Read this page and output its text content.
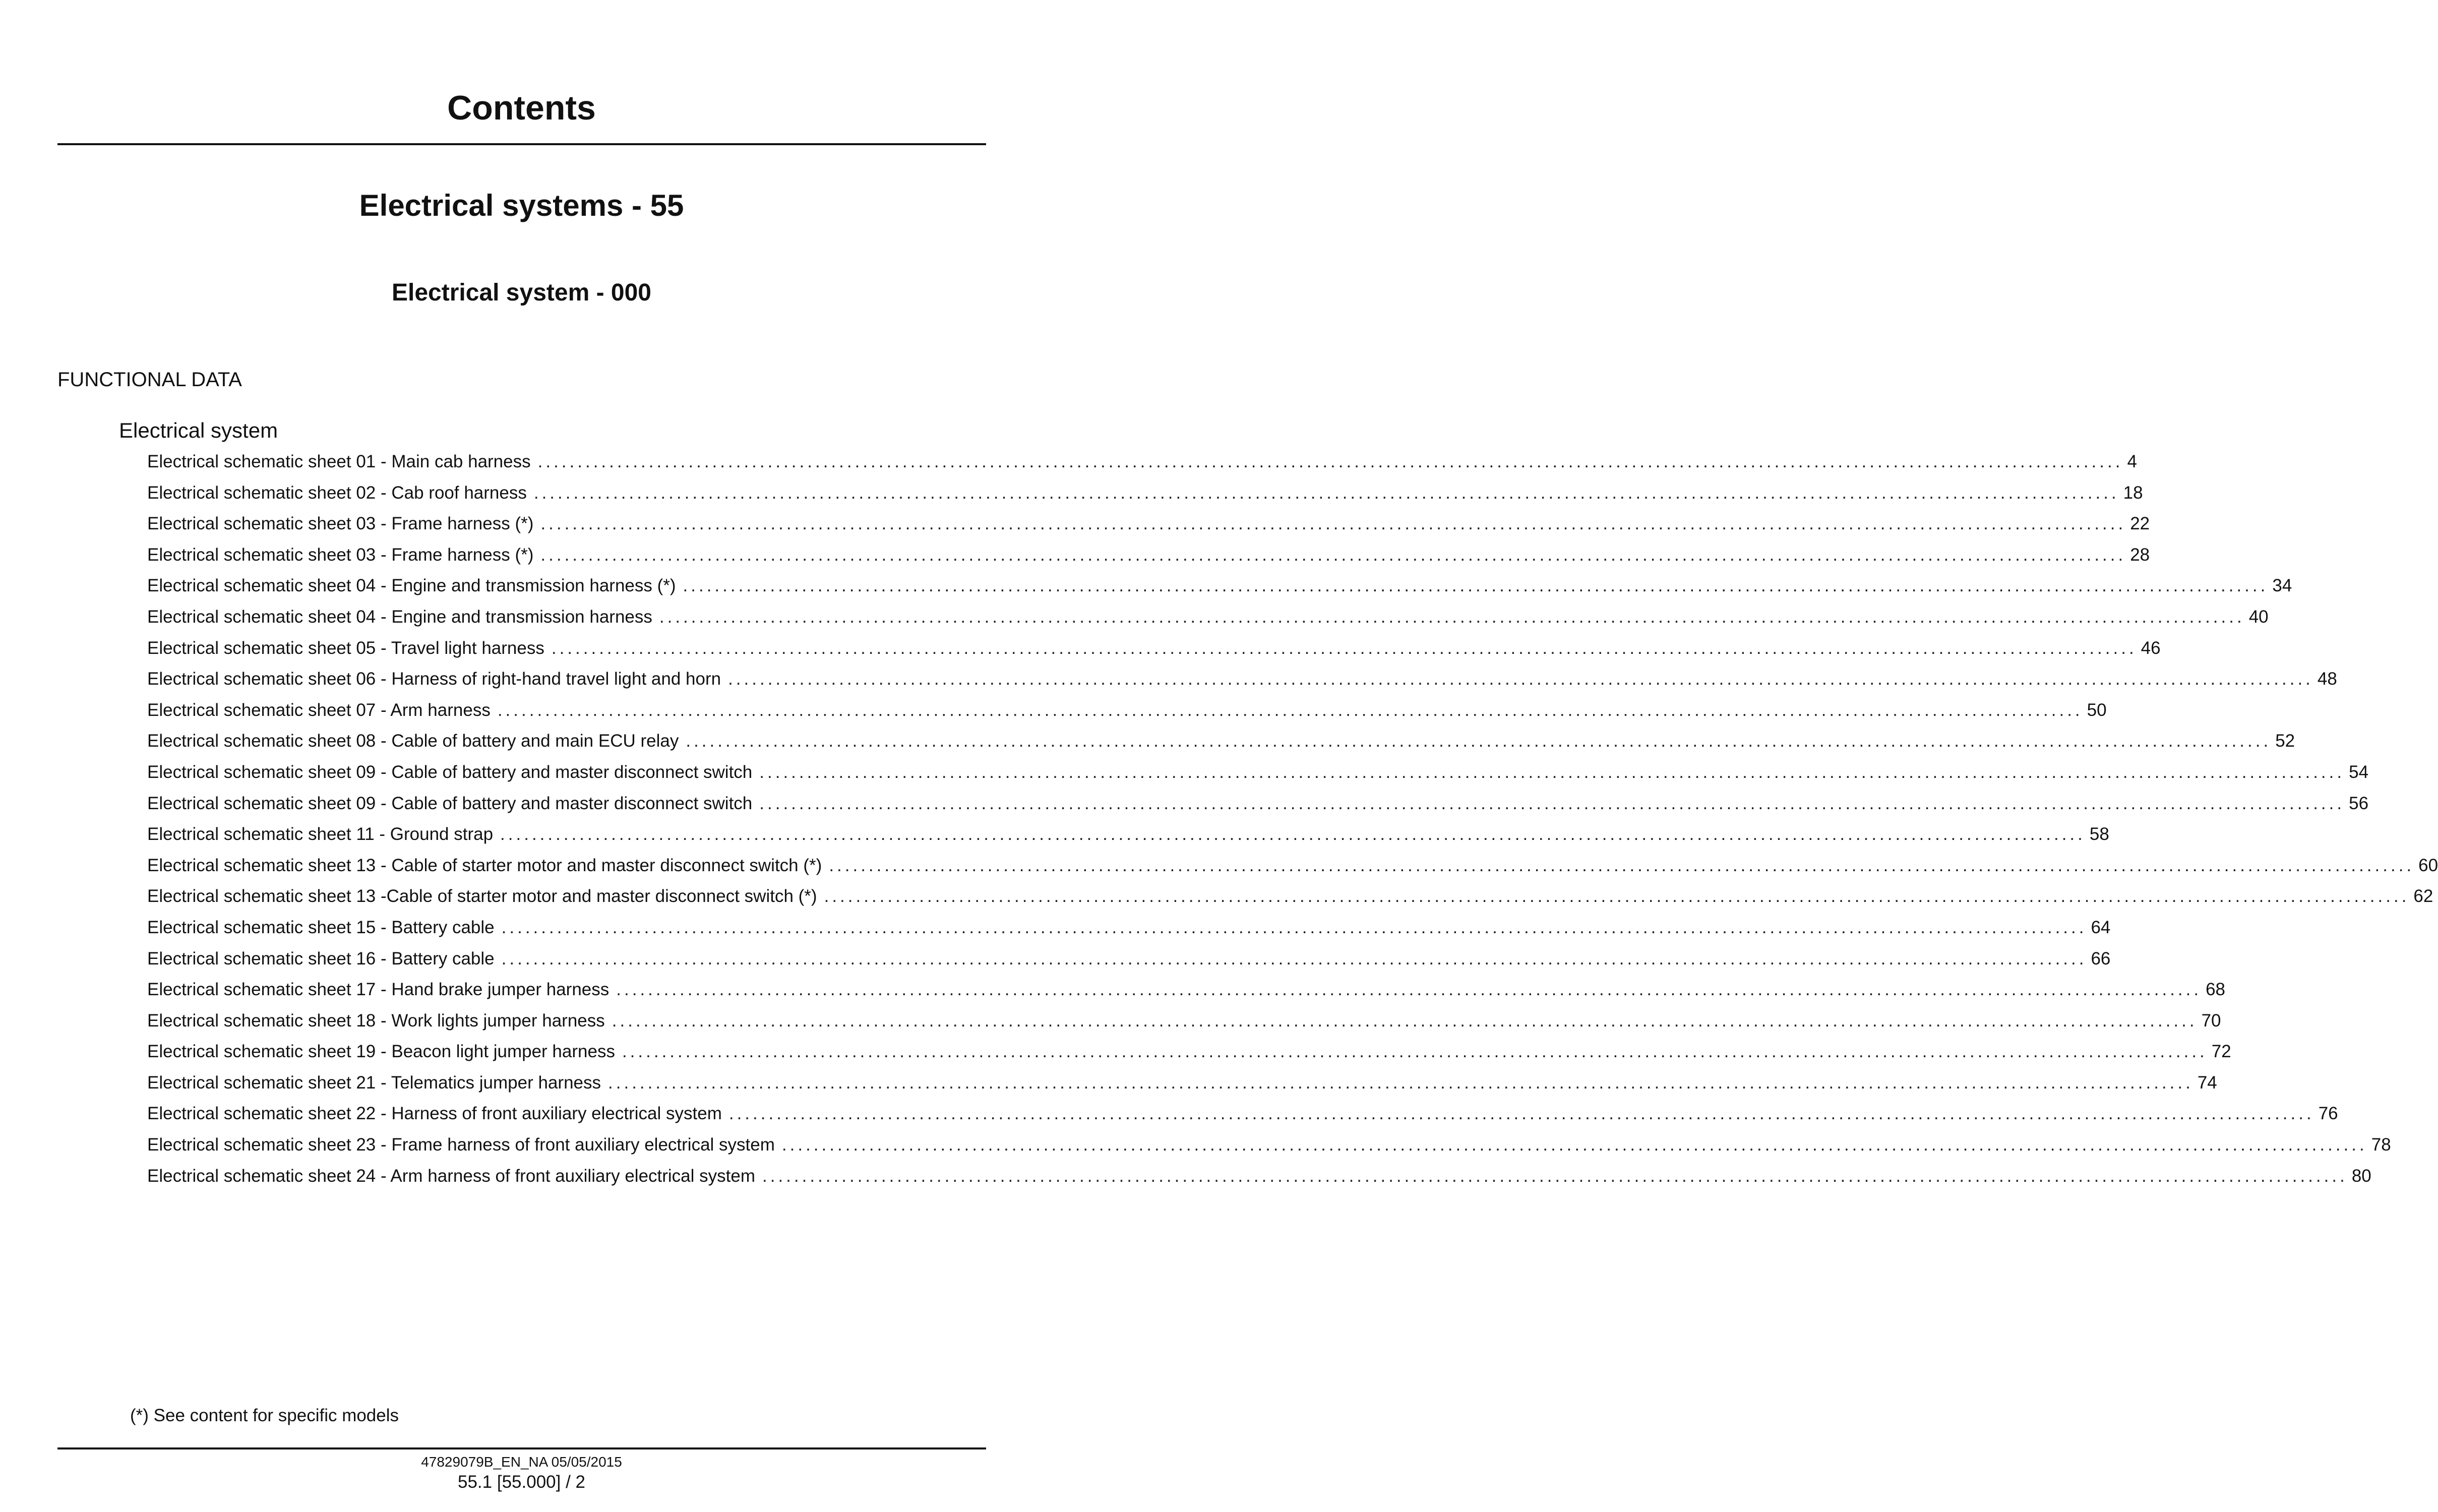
Contents
Electrical systems - 55
Electrical system - 000
FUNCTIONAL DATA
Electrical system
Electrical schematic sheet 01 - Main cab harness ........................................................................................................................................................................................................ 4
Electrical schematic sheet 02 - Cab roof harness ........................................................................................................................................................................................................ 18
Electrical schematic sheet 03 - Frame harness (*) ........................................................................................................................................................................................................ 22
Electrical schematic sheet 03 - Frame harness (*) ........................................................................................................................................................................................................ 28
Electrical schematic sheet 04 - Engine and transmission harness (*) ........................................................................................................................................................................................................ 34
Electrical schematic sheet 04 - Engine and transmission harness ........................................................................................................................................................................................................ 40
Electrical schematic sheet 05 - Travel light harness ........................................................................................................................................................................................................ 46
Electrical schematic sheet 06 - Harness of right-hand travel light and horn ........................................................................................................................................................................................................ 48
Electrical schematic sheet 07 - Arm harness ........................................................................................................................................................................................................ 50
Electrical schematic sheet 08 - Cable of battery and main ECU relay ........................................................................................................................................................................................................ 52
Electrical schematic sheet 09 - Cable of battery and master disconnect switch ........................................................................................................................................................................................................ 54
Electrical schematic sheet 09 - Cable of battery and master disconnect switch ........................................................................................................................................................................................................ 56
Electrical schematic sheet 11 - Ground strap ........................................................................................................................................................................................................ 58
Electrical schematic sheet 13 - Cable of starter motor and master disconnect switch (*) ........................................................................................................................................................................................................ 60
Electrical schematic sheet 13 -Cable of starter motor and master disconnect switch (*) ........................................................................................................................................................................................................ 62
Electrical schematic sheet 15 - Battery cable ........................................................................................................................................................................................................ 64
Electrical schematic sheet 16 - Battery cable ........................................................................................................................................................................................................ 66
Electrical schematic sheet 17 - Hand brake jumper harness ........................................................................................................................................................................................................ 68
Electrical schematic sheet 18 - Work lights jumper harness ........................................................................................................................................................................................................ 70
Electrical schematic sheet 19 - Beacon light jumper harness ........................................................................................................................................................................................................ 72
Electrical schematic sheet 21 - Telematics jumper harness ........................................................................................................................................................................................................ 74
Electrical schematic sheet 22 - Harness of front auxiliary electrical system ........................................................................................................................................................................................................ 76
Electrical schematic sheet 23 - Frame harness of front auxiliary electrical system ........................................................................................................................................................................................................ 78
Electrical schematic sheet 24 - Arm harness of front auxiliary electrical system ........................................................................................................................................................................................................ 80
(*) See content for specific models
47829079B_EN_NA 05/05/2015
55.1 [55.000] / 2
